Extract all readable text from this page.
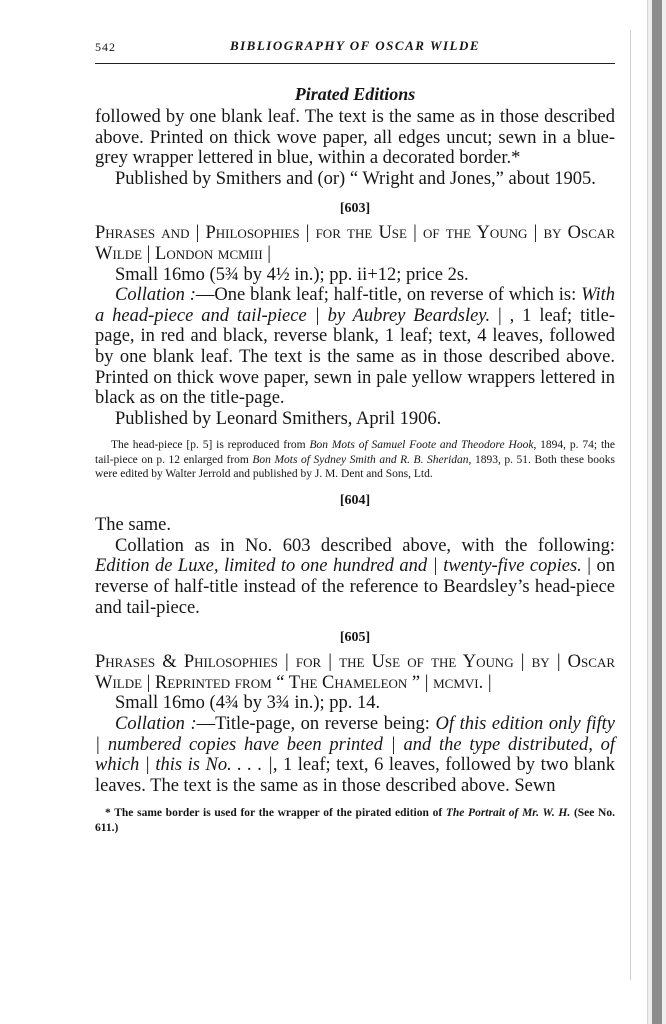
542	BIBLIOGRAPHY OF OSCAR WILDE
Pirated Editions

followed by one blank leaf. The text is the same as in those described above. Printed on thick wove paper, all edges uncut; sewn in a blue-grey wrapper lettered in blue, within a decorated border.*

Published by Smithers and (or) “ Wright and Jones,” about 1905.

[603]

Phrases and | Philosophies | for the Use | of the Young | by Oscar Wilde | London mcmiii |

Small 16mo (5¾ by 4½ in.); pp. ii+12; price 2s.

Collation :—One blank leaf; half-title, on reverse of which is: With a head-piece and tail-piece | by Aubrey Beardsley. | , 1 leaf; title-page, in red and black, reverse blank, 1 leaf; text, 4 leaves, followed by one blank leaf. The text is the same as in those described above. Printed on thick wove paper, sewn in pale yellow wrappers lettered in black as on the title-page.

Published by Leonard Smithers, April 1906.

The head-piece [p. 5] is reproduced from Bon Mots of Samuel Foote and Theodore Hook, 1894, p. 74; the tail-piece on p. 12 enlarged from Bon Mots of Sydney Smith and R. B. Sheridan, 1893, p. 51. Both these books were edited by Walter Jerrold and published by J. M. Dent and Sons, Ltd.

[604]

The same.

Collation as in No. 603 described above, with the following: Edition de Luxe, limited to one hundred and | twenty-five copies. | on reverse of half-title instead of the reference to Beardsley’s head-piece and tail-piece.

[605]

Phrases & Philosophies | for | the Use of the Young | by | Oscar Wilde | Reprinted from “ The Chameleon ” | mcmvi. |

Small 16mo (4¾ by 3¾ in.); pp. 14.

Collation :—Title-page, on reverse being: Of this edition only fifty | numbered copies have been printed | and the type distributed, of which | this is No. . . . |, 1 leaf; text, 6 leaves, followed by two blank leaves. The text is the same as in those described above. Sewn

* The same border is used for the wrapper of the pirated edition of The Portrait of Mr. W. H. (See No. 611.)
